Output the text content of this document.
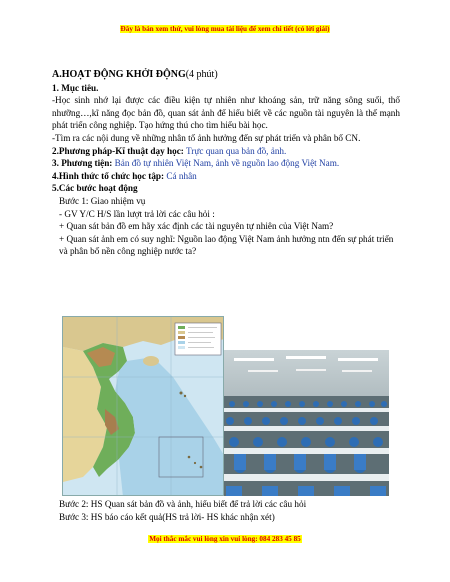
Đây là bản xem thử, vui lòng mua tài liệu để xem chi tiết (có lời giải)

A.HOẠT ĐỘNG KHỞI ĐỘNG(4 phút)

1. Mục tiêu.

-Học sinh nhớ lại được các điều kiện tự nhiên như khoáng sản, trữ năng sông suối, thổ nhưỡng…,kĩ năng đọc bản đồ, quan sát ảnh để hiểu biết về các nguồn tài nguyên là thế mạnh phát triển công nghiệp. Tạo hứng thú cho tìm hiểu bài học.

-Tìm ra các nội dung về những nhân tố ảnh hưởng đến sự phát triển và phân bố CN.

2.Phương pháp-Kĩ thuật dạy học: Trực quan qua bản đồ, ảnh.

3. Phương tiện: Bản đồ tự nhiên Việt Nam, ảnh về nguồn lao động Việt Nam.

4.Hình thức tổ chức học tập: Cá nhân

5.Các bước hoạt động

Bước 1: Giao nhiệm vụ

- GV Y/C H/S lần lượt trả lời các câu hỏi :

+ Quan sát bản đồ em hãy xác định các tài nguyên tự nhiên của Việt Nam?

+ Quan sát ảnh em có suy nghĩ: Nguồn lao động Việt Nam ảnh hưởng ntn đến sự phát triển và phân bố nền công nghiệp nước ta?

Bước 2: HS Quan sát bản đồ và ảnh, hiểu biết để trả lời các câu hỏi

Bước 3: HS báo cáo kết quả(HS trả lời- HS khác nhận xét)

Mọi thắc mắc vui lòng xin vui lòng: 084 283 45 85
